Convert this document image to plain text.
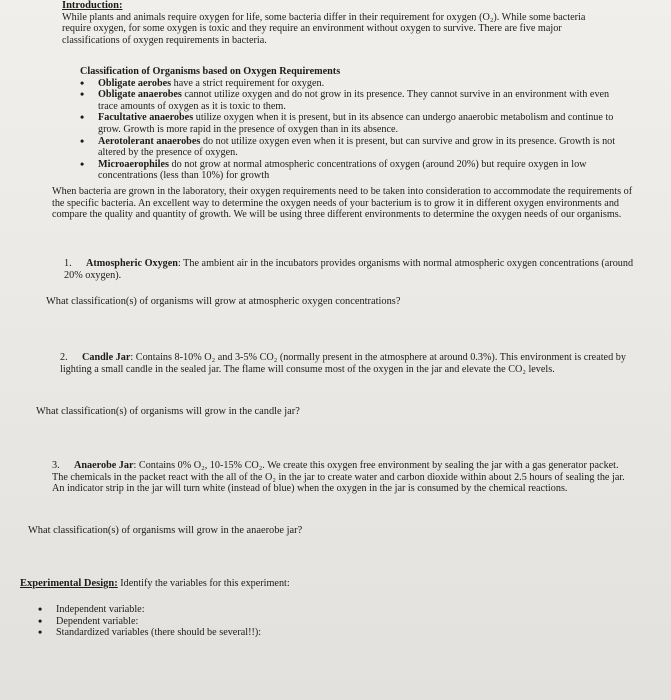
Introduction:

While plants and animals require oxygen for life, some bacteria differ in their requirement for oxygen (O₂). While some bacteria require oxygen, for some oxygen is toxic and they require an environment without oxygen to survive. There are five major classifications of oxygen requirements in bacteria.

Classification of Organisms based on Oxygen Requirements
• Obligate aerobes have a strict requirement for oxygen.
• Obligate anaerobes cannot utilize oxygen and do not grow in its presence. They cannot survive in an environment with even trace amounts of oxygen as it is toxic to them.
• Facultative anaerobes utilize oxygen when it is present, but in its absence can undergo anaerobic metabolism and continue to grow. Growth is more rapid in the presence of oxygen than in its absence.
• Aerotolerant anaerobes do not utilize oxygen even when it is present, but can survive and grow in its presence. Growth is not altered by the presence of oxygen.
• Microaerophiles do not grow at normal atmospheric concentrations of oxygen (around 20%) but require oxygen in low concentrations (less than 10%) for growth

When bacteria are grown in the laboratory, their oxygen requirements need to be taken into consideration to accommodate the requirements of the specific bacteria. An excellent way to determine the oxygen needs of your bacterium is to grow it in different oxygen environments and compare the quality and quantity of growth. We will be using three different environments to determine the oxygen needs of our organisms.

1. Atmospheric Oxygen: The ambient air in the incubators provides organisms with normal atmospheric oxygen concentrations (around 20% oxygen).

What classification(s) of organisms will grow at atmospheric oxygen concentrations?

2. Candle Jar: Contains 8-10% O₂ and 3-5% CO₂ (normally present in the atmosphere at around 0.3%). This environment is created by lighting a small candle in the sealed jar. The flame will consume most of the oxygen in the jar and elevate the CO₂ levels.

What classification(s) of organisms will grow in the candle jar?

3. Anaerobe Jar: Contains 0% O₂, 10-15% CO₂. We create this oxygen free environment by sealing the jar with a gas generator packet. The chemicals in the packet react with the all of the O₂ in the jar to create water and carbon dioxide within about 2.5 hours of sealing the jar. An indicator strip in the jar will turn white (instead of blue) when the oxygen in the jar is consumed by the chemical reactions.

What classification(s) of organisms will grow in the anaerobe jar?
Experimental Design: Identify the variables for this experiment:
• Independent variable:
• Dependent variable:
• Standardized variables (there should be several!!):
